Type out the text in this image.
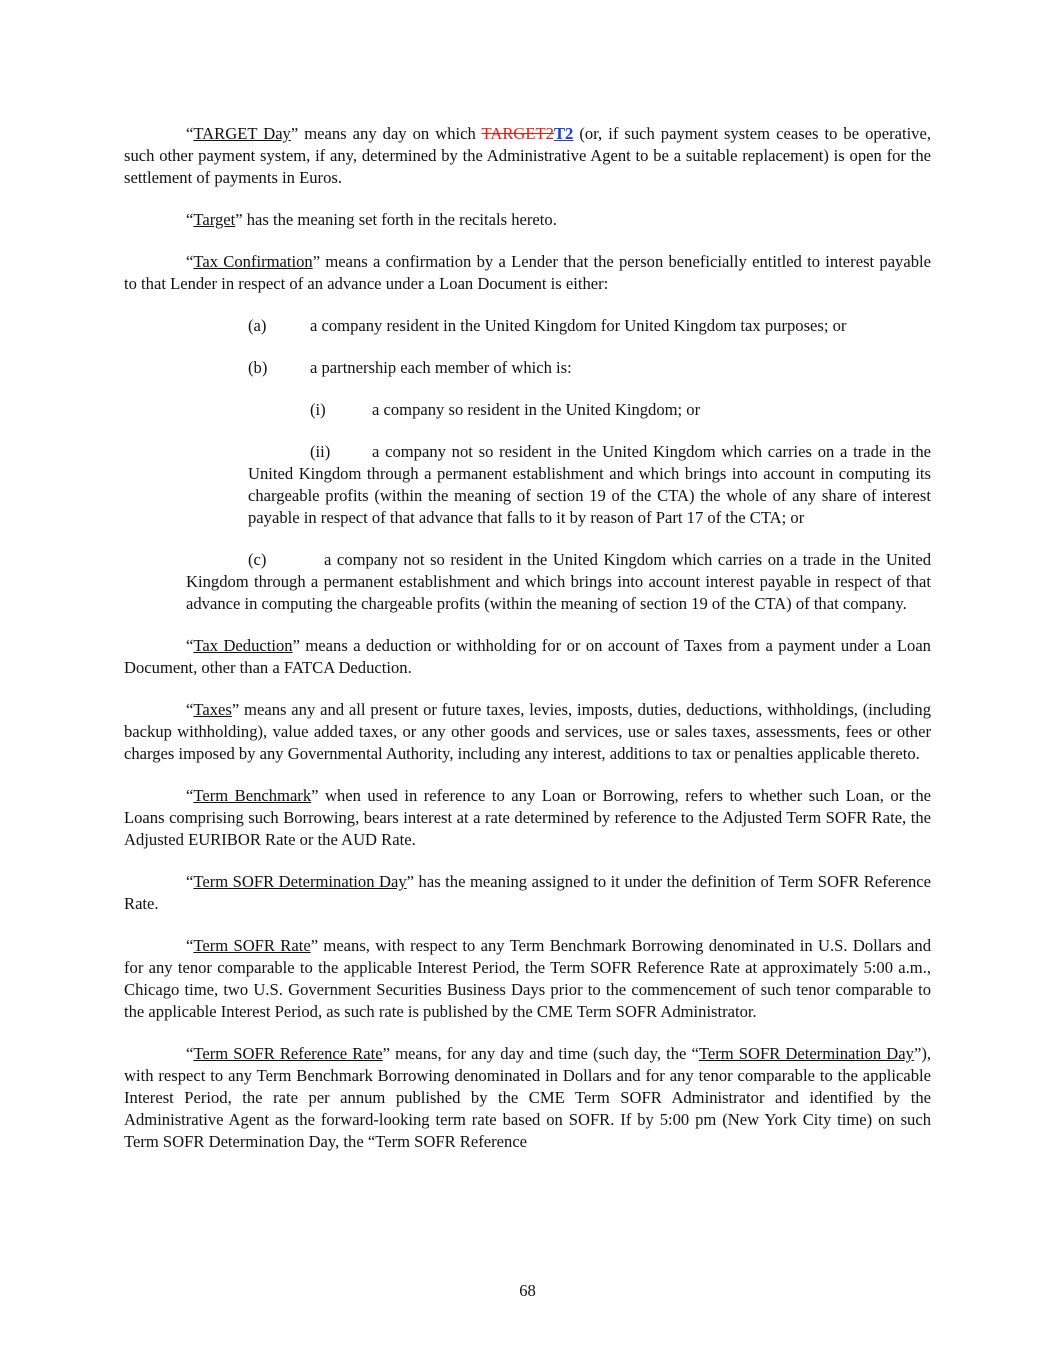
“TARGET Day” means any day on which TARGET2T2 (or, if such payment system ceases to be operative, such other payment system, if any, determined by the Administrative Agent to be a suitable replacement) is open for the settlement of payments in Euros.

“Target” has the meaning set forth in the recitals hereto.

“Tax Confirmation” means a confirmation by a Lender that the person beneficially entitled to interest payable to that Lender in respect of an advance under a Loan Document is either:

(a)	a company resident in the United Kingdom for United Kingdom tax purposes; or
(b)	a partnership each member of which is:
(i)	a company so resident in the United Kingdom; or

(ii)	a company not so resident in the United Kingdom which carries on a trade in the United Kingdom through a permanent establishment and which brings into account in computing its chargeable profits (within the meaning of section 19 of the CTA) the whole of any share of interest payable in respect of that advance that falls to it by reason of Part 17 of the CTA; or

(c)	a company not so resident in the United Kingdom which carries on a trade in the United Kingdom through a permanent establishment and which brings into account interest payable in respect of that advance in computing the chargeable profits (within the meaning of section 19 of the CTA) of that company.

“Tax Deduction” means a deduction or withholding for or on account of Taxes from a payment under a Loan Document, other than a FATCA Deduction.

“Taxes” means any and all present or future taxes, levies, imposts, duties, deductions, withholdings, (including backup withholding), value added taxes, or any other goods and services, use or sales taxes, assessments, fees or other charges imposed by any Governmental Authority, including any interest, additions to tax or penalties applicable thereto.

“Term Benchmark” when used in reference to any Loan or Borrowing, refers to whether such Loan, or the Loans comprising such Borrowing, bears interest at a rate determined by reference to the Adjusted Term SOFR Rate, the Adjusted EURIBOR Rate or the AUD Rate.

“Term SOFR Determination Day” has the meaning assigned to it under the definition of Term SOFR Reference Rate.

“Term SOFR Rate” means, with respect to any Term Benchmark Borrowing denominated in U.S. Dollars and for any tenor comparable to the applicable Interest Period, the Term SOFR Reference Rate at approximately 5:00 a.m., Chicago time, two U.S. Government Securities Business Days prior to the commencement of such tenor comparable to the applicable Interest Period, as such rate is published by the CME Term SOFR Administrator.

“Term SOFR Reference Rate” means, for any day and time (such day, the “Term SOFR Determination Day”), with respect to any Term Benchmark Borrowing denominated in Dollars and for any tenor comparable to the applicable Interest Period, the rate per annum published by the CME Term SOFR Administrator and identified by the Administrative Agent as the forward-looking term rate based on SOFR. If by 5:00 pm (New York City time) on such Term SOFR Determination Day, the “Term SOFR Reference

68
